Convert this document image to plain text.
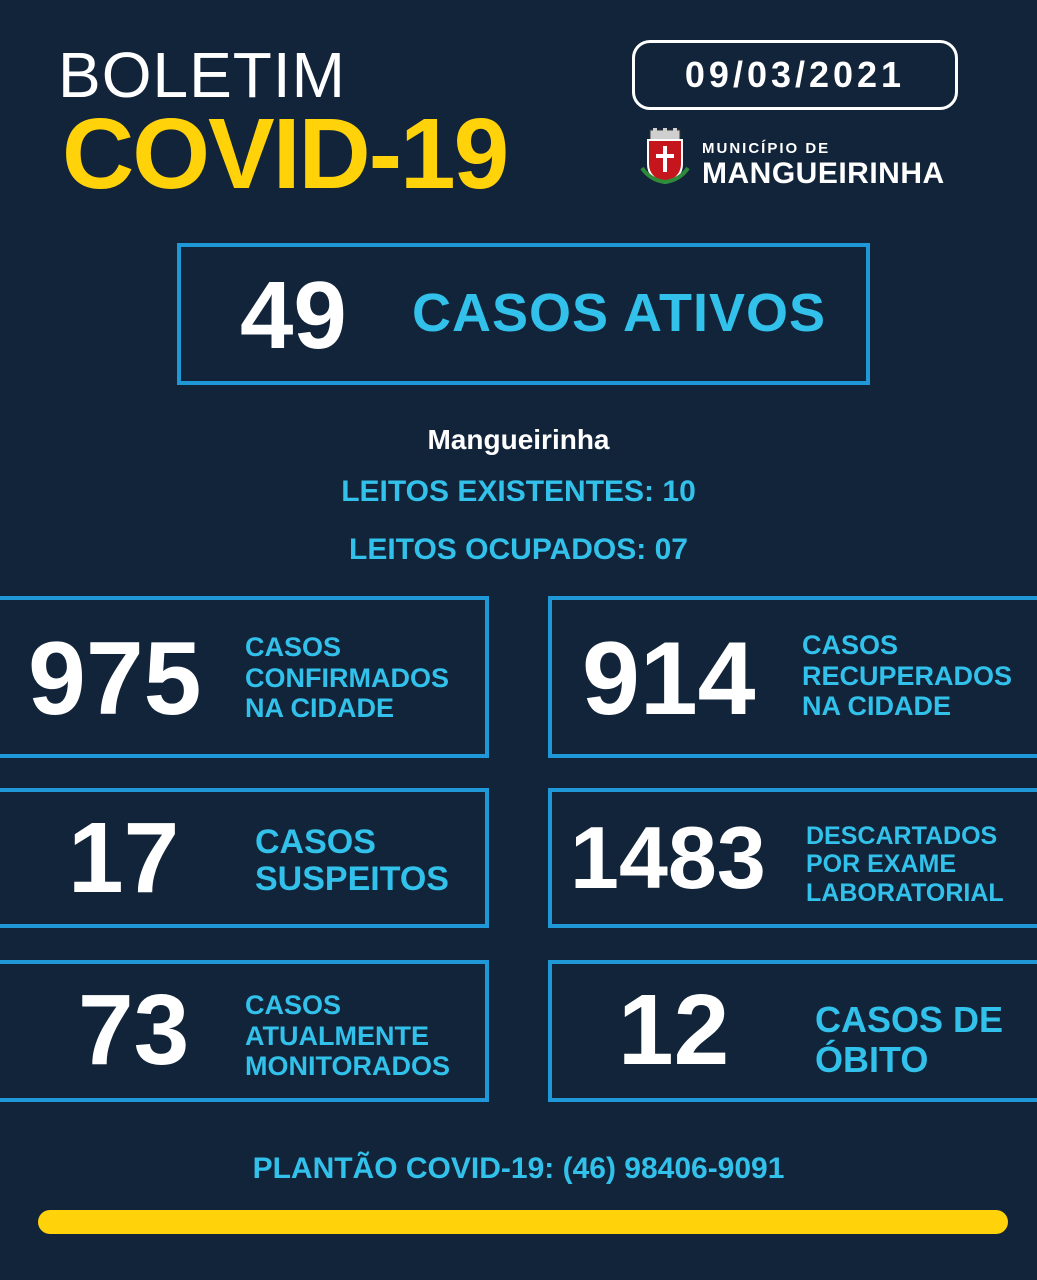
BOLETIM
COVID-19
09/03/2021
MUNICÍPIO DE
MANGUEIRINHA
49 CASOS ATIVOS
Mangueirinha
LEITOS EXISTENTES: 10
LEITOS OCUPADOS: 07
975 CASOS
CONFIRMADOS
NA CIDADE	914 CASOS
RECUPERADOS
NA CIDADE
17 CASOS
SUSPEITOS 1483 DESCARTADOS
POR EXAME
LABORATORIAL
73 CASOS
ATUALMENTE
MONITORADOS 12 CASOS DE
ÓBITO
PLANTÃO COVID-19: (46) 98406-9091
